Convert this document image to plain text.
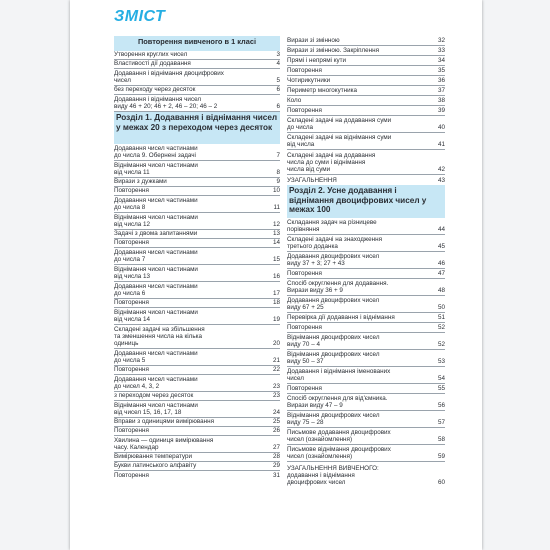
ЗМІСТ
Повторення вивченого в 1 класі
Утворення круглих чисел	3
Властивості дії додавання	4
Додавання і віднімання двоцифрових
чисел	5
без переходу через десяток	6
Додавання і віднімання чисел
виду 46 + 20; 46 + 2, 46 – 20; 46 – 2	6
Розділ 1. Додавання і віднімання чисел у межах 20 з переходом через десяток
Додавання чисел частинами
до числа 9. Обернені задачі	7
Віднімання чисел частинами
від числа 11	8
Вирази з дужками	9
Повторення	10
Додавання чисел частинами
до числа 8	11
Віднімання чисел частинами
від числа 12	12
Задачі з двома запитаннями	13
Повторення	14
Додавання чисел частинами
до числа 7	15
Віднімання чисел частинами
від числа 13	16
Додавання чисел частинами
до числа 6	17
Повторення	18
Віднімання чисел частинами
від числа 14	19
Складені задачі на збільшення
та зменшення числа на кілька
одиниць	20
Додавання чисел частинами
до числа 5	21
Повторення	22
Додавання чисел частинами
до чисел 4, 3, 2	23
з переходом через десяток	23
Віднімання чисел частинами
від чисел 15, 16, 17, 18	24
Вправи з одиницями вимірювання	25
Повторення	26
Хвилина — одиниця вимірювання
часу. Календар	27
Вимірювання температури	28
Букви латинського алфавіту	29
Повторення	31
Вирази зі змінною	32
Вирази зі змінною. Закріплення	33
Прямі і непрямі кути	34
Повторення	35
Чотирикутники	36
Периметр многокутника	37
Коло	38
Повторення	39
Складені задачі на додавання суми
до числа	40
Складені задачі на віднімання суми
від числа	41
Складені задачі на додавання
числа до суми і віднімання
числа від суми	42
УЗАГАЛЬНЕННЯ	43
Розділ 2. Усне додавання і віднімання двоцифрових чисел у межах 100
Складання задач на різницеве
порівняння	44
Складені задачі на знаходження
третього доданка	45
Додавання двоцифрових чисел
виду 37 + 3; 27 + 43	46
Повторення	47
Спосіб округлення для додавання.
Вирази виду 36 + 9	48
Додавання двоцифрових чисел
виду 67 + 25	50
Перевірка дії додавання і віднімання	51
Повторення	52
Віднімання двоцифрових чисел
виду 70 – 4	52
Віднімання двоцифрових чисел
виду 50 – 37	53
Додавання і віднімання іменованих
чисел	54
Повторення	55
Спосіб округлення для від'ємника.
Вирази виду 47 – 9	56
Віднімання двоцифрових чисел
виду 75 – 28	57
Письмове додавання двоцифрових
чисел (ознайомлення)	58
Письмове віднімання двоцифрових
чисел (ознайомлення)	59
УЗАГАЛЬНЕННЯ ВИВЧЕНОГО:
додавання і віднімання
двоцифрових чисел	60
